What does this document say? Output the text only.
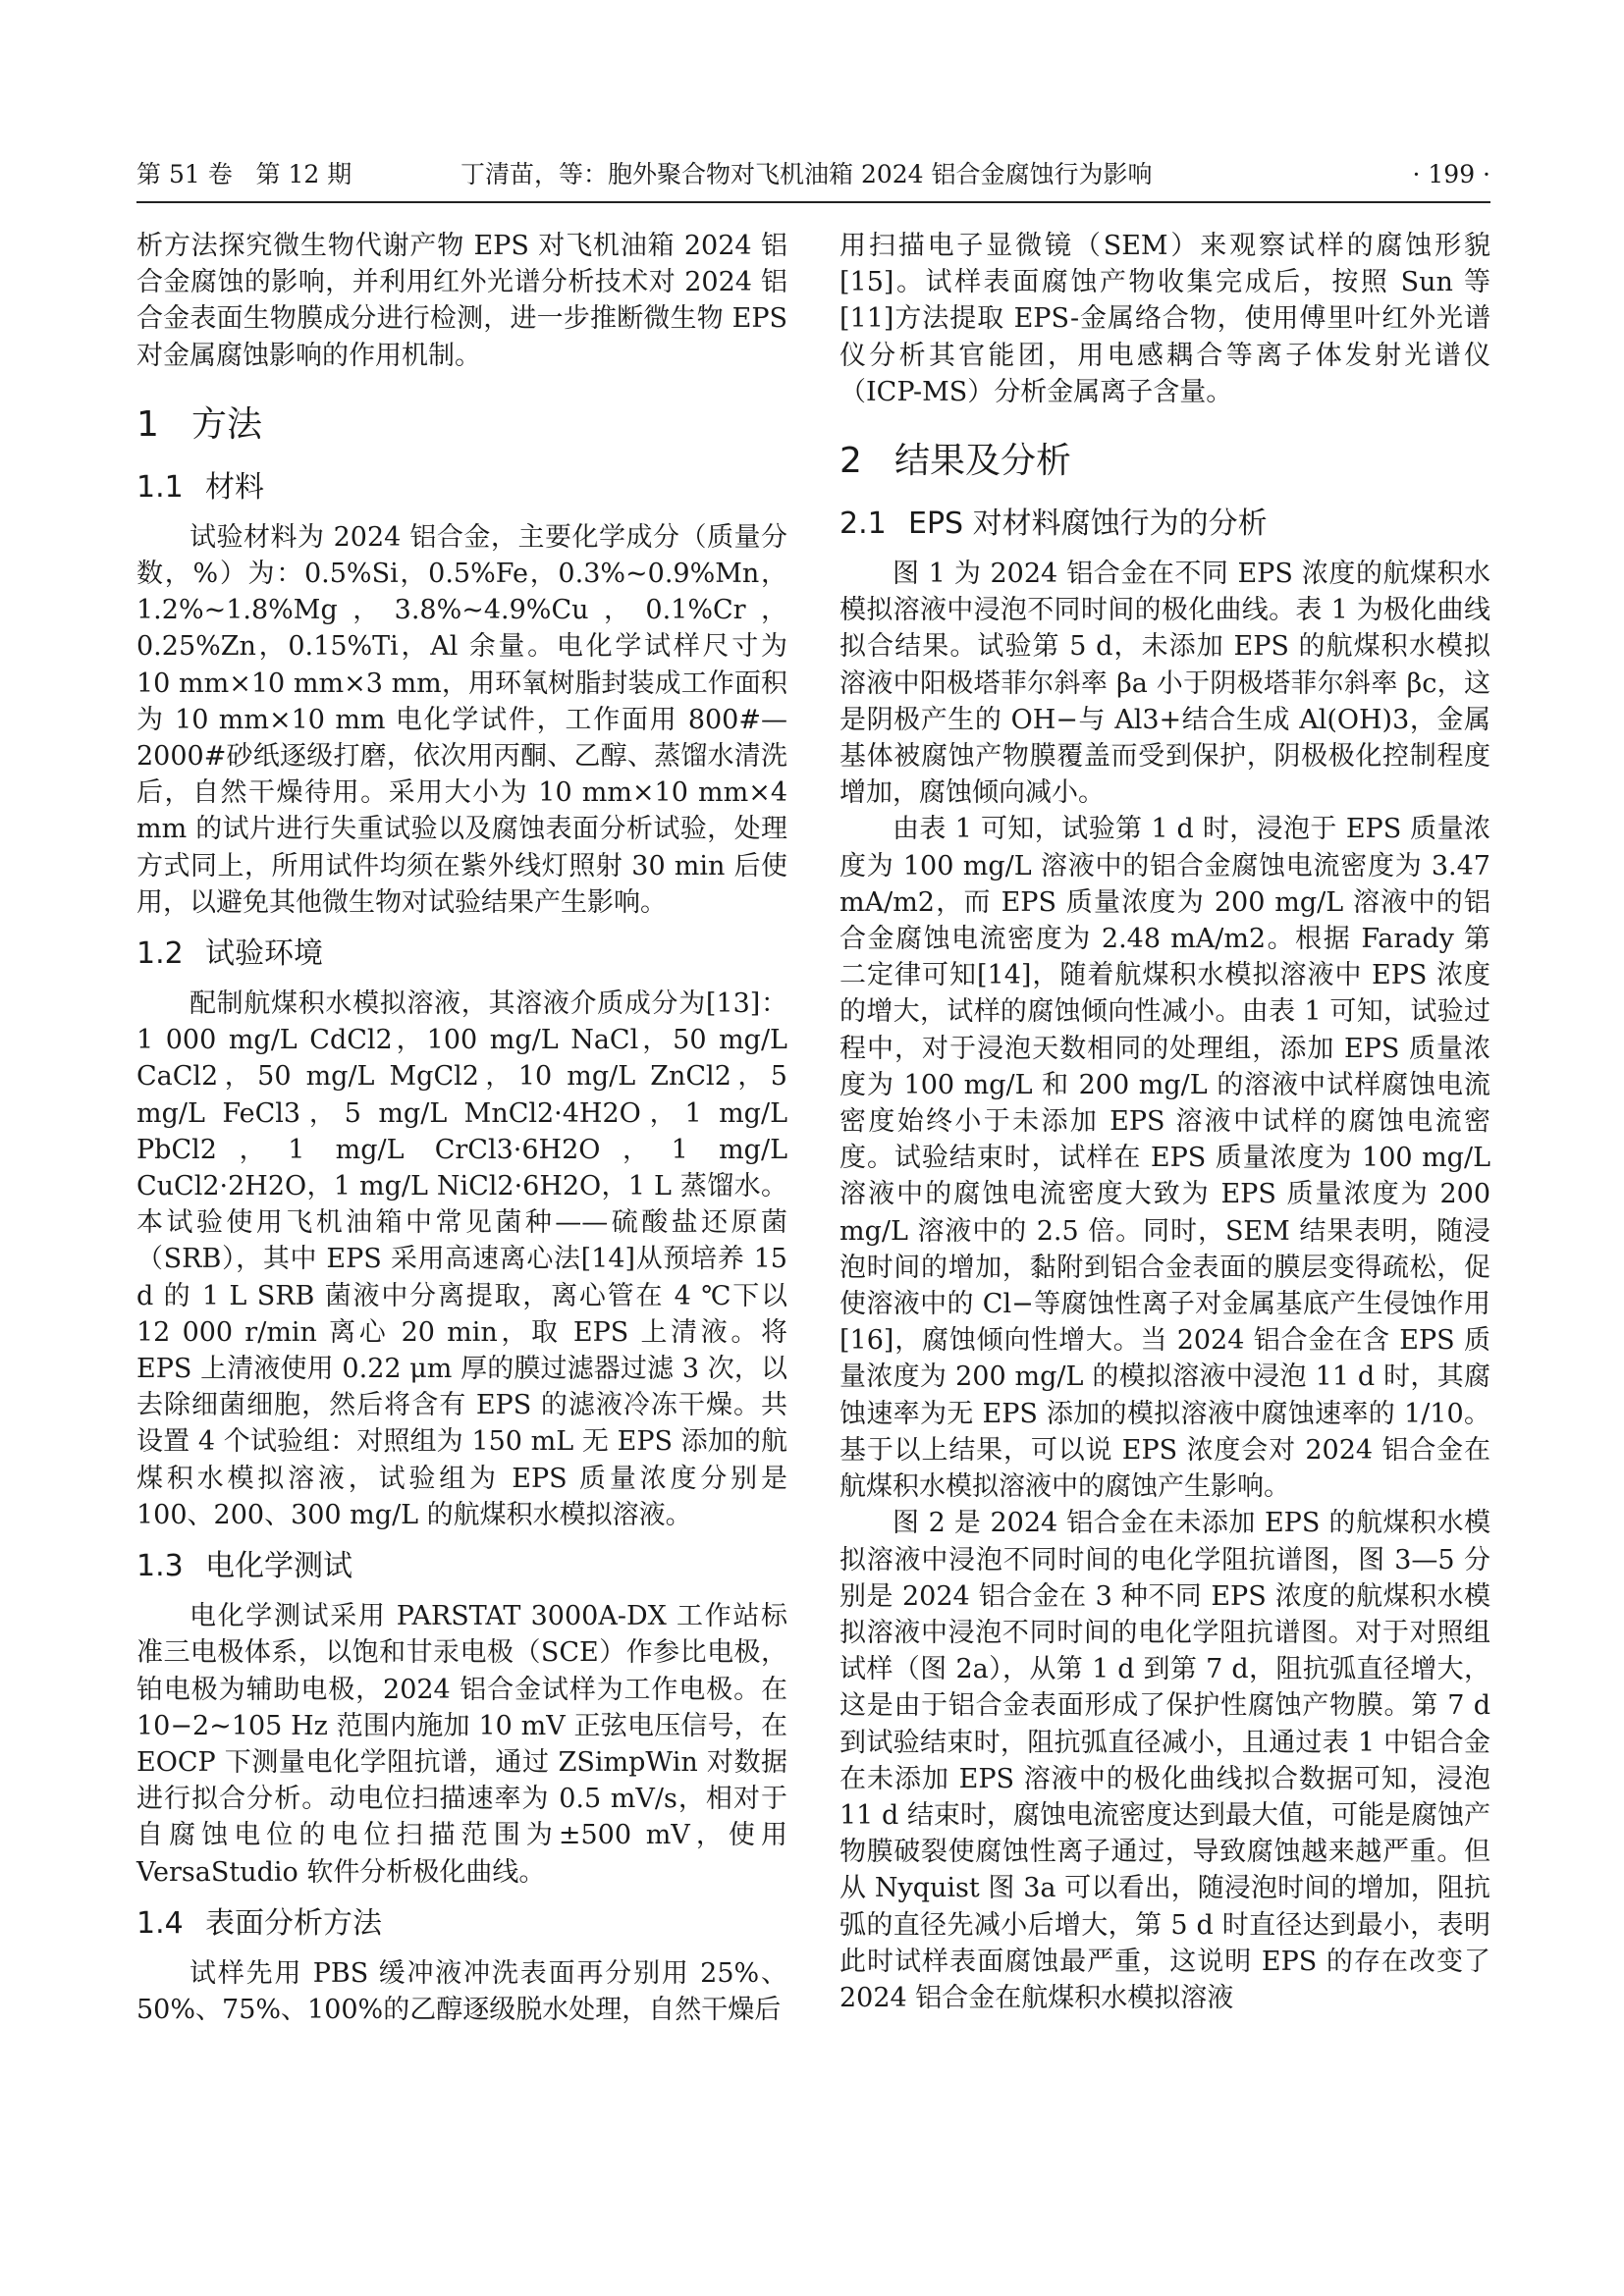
第 51 卷   第 12 期	丁清苗，等：胞外聚合物对飞机油箱 2024 铝合金腐蚀行为影响	· 199 ·

析方法探究微生物代谢产物 EPS 对飞机油箱 2024 铝合金腐蚀的影响，并利用红外光谱分析技术对 2024 铝合金表面生物膜成分进行检测，进一步推断微生物 EPS 对金属腐蚀影响的作用机制。

1 方法
1.1 材料

试验材料为 2024 铝合金，主要化学成分（质量分数，%）为：0.5%Si，0.5%Fe，0.3%~0.9%Mn，1.2%~1.8%Mg，3.8%~4.9%Cu，0.1%Cr，0.25%Zn，0.15%Ti，Al 余量。电化学试样尺寸为 10 mm×10 mm×3 mm，用环氧树脂封装成工作面积为 10 mm×10 mm 电化学试件，工作面用 800#—2000#砂纸逐级打磨，依次用丙酮、乙醇、蒸馏水清洗后，自然干燥待用。采用大小为 10 mm×10 mm×4 mm 的试片进行失重试验以及腐蚀表面分析试验，处理方式同上，所用试件均须在紫外线灯照射 30 min 后使用，以避免其他微生物对试验结果产生影响。

1.2 试验环境

配制航煤积水模拟溶液，其溶液介质成分为[13]：1 000 mg/L CdCl2，100 mg/L NaCl，50 mg/L CaCl2，50 mg/L MgCl2，10 mg/L ZnCl2，5 mg/L FeCl3，5 mg/L MnCl2·4H2O，1 mg/L PbCl2，1 mg/L CrCl3·6H2O，1 mg/L CuCl2·2H2O，1 mg/L NiCl2·6H2O，1 L 蒸馏水。本试验使用飞机油箱中常见菌种——硫酸盐还原菌（SRB），其中 EPS 采用高速离心法[14]从预培养 15 d 的 1 L SRB 菌液中分离提取，离心管在 4 ℃下以 12 000 r/min 离心 20 min，取 EPS 上清液。将 EPS 上清液使用 0.22 μm 厚的膜过滤器过滤 3 次，以去除细菌细胞，然后将含有 EPS 的滤液冷冻干燥。共设置 4 个试验组：对照组为 150 mL 无 EPS 添加的航煤积水模拟溶液，试验组为 EPS 质量浓度分别是 100、200、300 mg/L 的航煤积水模拟溶液。

1.3 电化学测试

电化学测试采用 PARSTAT 3000A-DX 工作站标准三电极体系，以饱和甘汞电极（SCE）作参比电极，铂电极为辅助电极，2024 铝合金试样为工作电极。在 10−2~105 Hz 范围内施加 10 mV 正弦电压信号，在 EOCP 下测量电化学阻抗谱，通过 ZSimpWin 对数据进行拟合分析。动电位扫描速率为 0.5 mV/s，相对于自腐蚀电位的电位扫描范围为±500 mV，使用 VersaStudio 软件分析极化曲线。

1.4 表面分析方法

试样先用 PBS 缓冲液冲洗表面再分别用 25%、50%、75%、100%的乙醇逐级脱水处理，自然干燥后

用扫描电子显微镜（SEM）来观察试样的腐蚀形貌[15]。试样表面腐蚀产物收集完成后，按照 Sun 等[11]方法提取 EPS-金属络合物，使用傅里叶红外光谱仪分析其官能团，用电感耦合等离子体发射光谱仪（ICP-MS）分析金属离子含量。

2 结果及分析
2.1 EPS 对材料腐蚀行为的分析

图 1 为 2024 铝合金在不同 EPS 浓度的航煤积水模拟溶液中浸泡不同时间的极化曲线。表 1 为极化曲线拟合结果。试验第 5 d，未添加 EPS 的航煤积水模拟溶液中阳极塔菲尔斜率 βa 小于阴极塔菲尔斜率 βc，这是阴极产生的 OH−与 Al3+结合生成 Al(OH)3，金属基体被腐蚀产物膜覆盖而受到保护，阴极极化控制程度增加，腐蚀倾向减小。

由表 1 可知，试验第 1 d 时，浸泡于 EPS 质量浓度为 100 mg/L 溶液中的铝合金腐蚀电流密度为 3.47 mA/m2，而 EPS 质量浓度为 200 mg/L 溶液中的铝合金腐蚀电流密度为 2.48 mA/m2。根据 Farady 第二定律可知[14]，随着航煤积水模拟溶液中 EPS 浓度的增大，试样的腐蚀倾向性减小。由表 1 可知，试验过程中，对于浸泡天数相同的处理组，添加 EPS 质量浓度为 100 mg/L 和 200 mg/L 的溶液中试样腐蚀电流密度始终小于未添加 EPS 溶液中试样的腐蚀电流密度。试验结束时，试样在 EPS 质量浓度为 100 mg/L 溶液中的腐蚀电流密度大致为 EPS 质量浓度为 200 mg/L 溶液中的 2.5 倍。同时，SEM 结果表明，随浸泡时间的增加，黏附到铝合金表面的膜层变得疏松，促使溶液中的 Cl−等腐蚀性离子对金属基底产生侵蚀作用[16]，腐蚀倾向性增大。当 2024 铝合金在含 EPS 质量浓度为 200 mg/L 的模拟溶液中浸泡 11 d 时，其腐蚀速率为无 EPS 添加的模拟溶液中腐蚀速率的 1/10。基于以上结果，可以说 EPS 浓度会对 2024 铝合金在航煤积水模拟溶液中的腐蚀产生影响。

图 2 是 2024 铝合金在未添加 EPS 的航煤积水模拟溶液中浸泡不同时间的电化学阻抗谱图，图 3—5 分别是 2024 铝合金在 3 种不同 EPS 浓度的航煤积水模拟溶液中浸泡不同时间的电化学阻抗谱图。对于对照组试样（图 2a），从第 1 d 到第 7 d，阻抗弧直径增大，这是由于铝合金表面形成了保护性腐蚀产物膜。第 7 d 到试验结束时，阻抗弧直径减小，且通过表 1 中铝合金在未添加 EPS 溶液中的极化曲线拟合数据可知，浸泡 11 d 结束时，腐蚀电流密度达到最大值，可能是腐蚀产物膜破裂使腐蚀性离子通过，导致腐蚀越来越严重。但从 Nyquist 图 3a 可以看出，随浸泡时间的增加，阻抗弧的直径先减小后增大，第 5 d 时直径达到最小，表明此时试样表面腐蚀最严重，这说明 EPS 的存在改变了 2024 铝合金在航煤积水模拟溶液
